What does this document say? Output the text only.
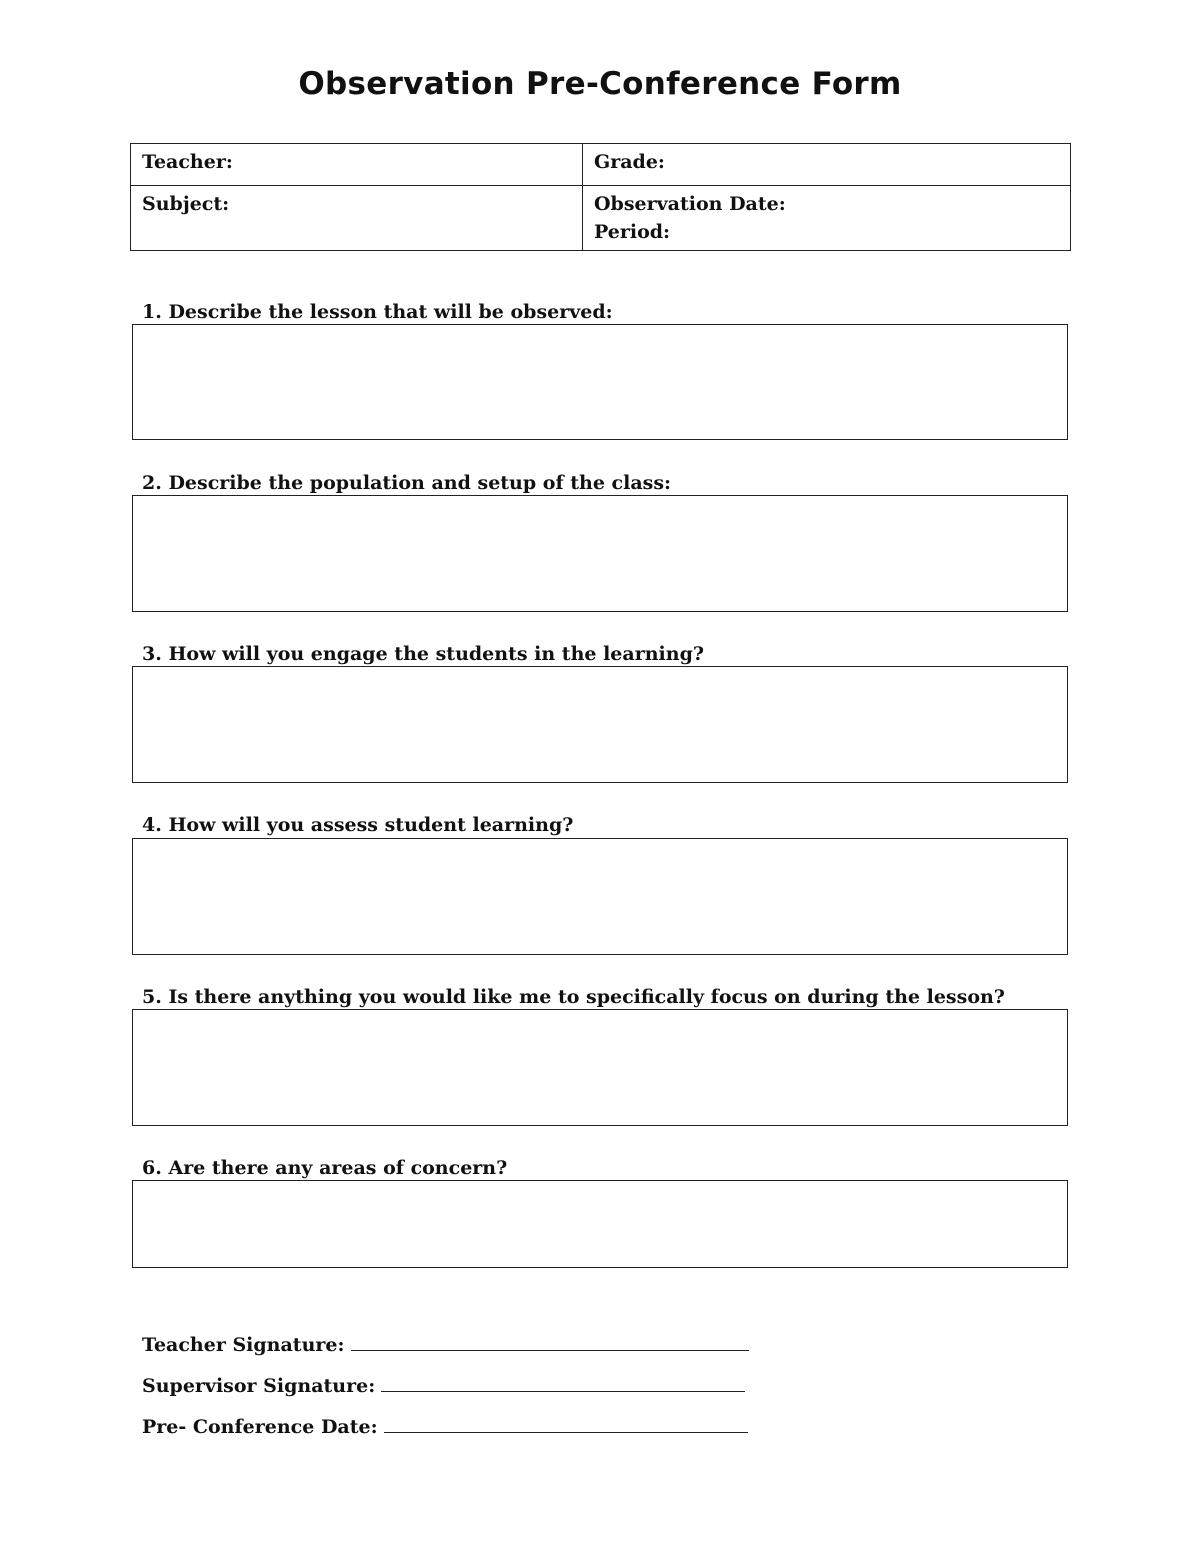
Observation Pre-Conference Form
Teacher:	Grade:
Subject:	Observation Date:
Period:
1. Describe the lesson that will be observed:
2. Describe the population and setup of the class:
3. How will you engage the students in the learning?
4. How will you assess student learning?
5. Is there anything you would like me to specifically focus on during the lesson?
6. Are there any areas of concern?
Teacher Signature:
Supervisor Signature:
Pre- Conference Date:
